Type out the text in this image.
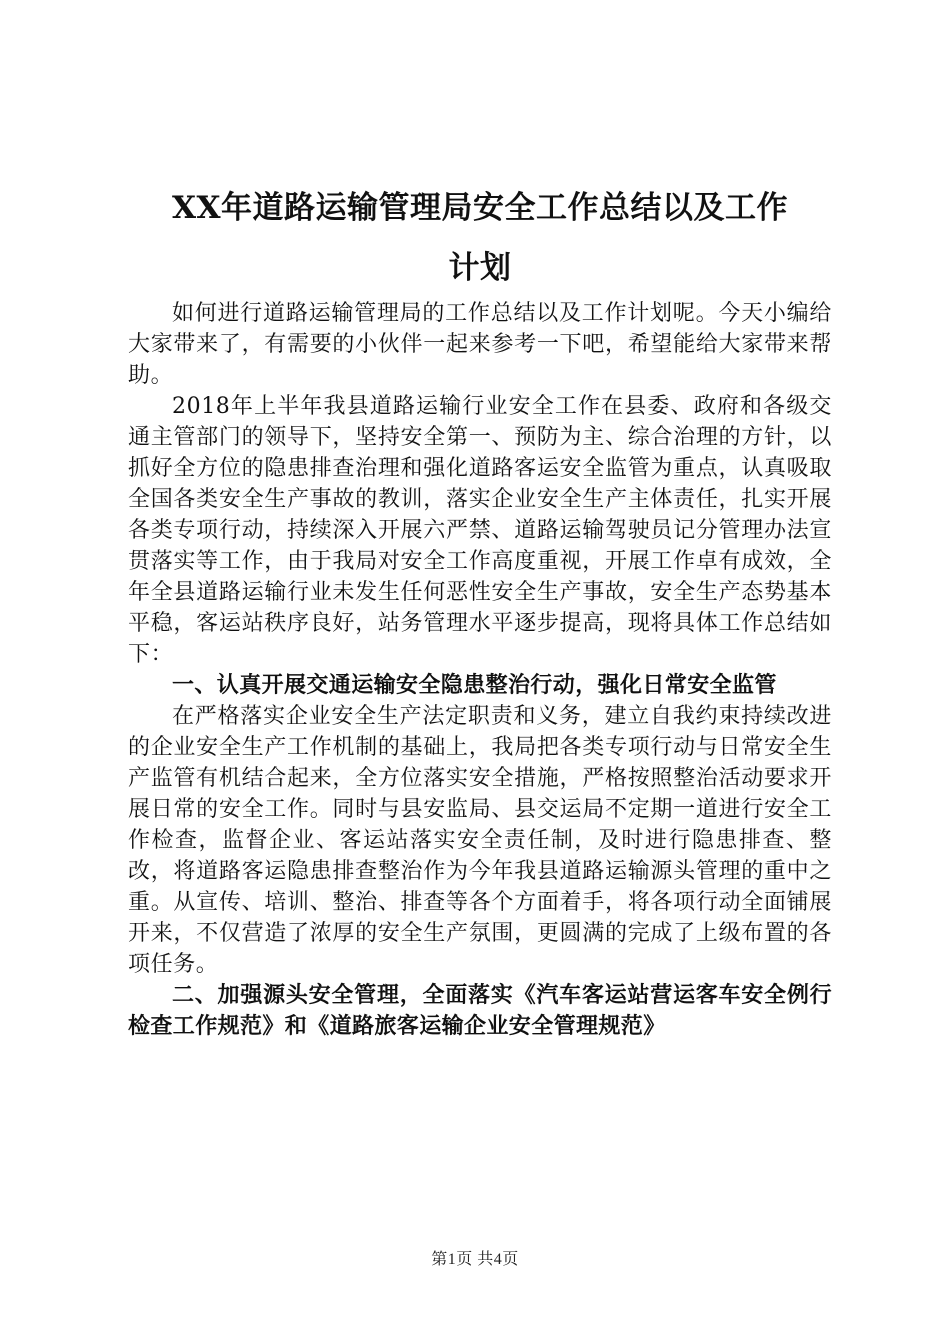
XX年道路运输管理局安全工作总结以及工作
计划

如何进行道路运输管理局的工作总结以及工作计划呢。今天小编给大家带来了，有需要的小伙伴一起来参考一下吧，希望能给大家带来帮助。

2018年上半年我县道路运输行业安全工作在县委、政府和各级交通主管部门的领导下，坚持安全第一、预防为主、综合治理的方针，以抓好全方位的隐患排查治理和强化道路客运安全监管为重点，认真吸取全国各类安全生产事故的教训，落实企业安全生产主体责任，扎实开展各类专项行动，持续深入开展六严禁、道路运输驾驶员记分管理办法宣贯落实等工作，由于我局对安全工作高度重视，开展工作卓有成效，全年全县道路运输行业未发生任何恶性安全生产事故，安全生产态势基本平稳，客运站秩序良好，站务管理水平逐步提高，现将具体工作总结如下：

一、认真开展交通运输安全隐患整治行动，强化日常安全监管

在严格落实企业安全生产法定职责和义务，建立自我约束持续改进的企业安全生产工作机制的基础上，我局把各类专项行动与日常安全生产监管有机结合起来，全方位落实安全措施，严格按照整治活动要求开展日常的安全工作。同时与县安监局、县交运局不定期一道进行安全工作检查，监督企业、客运站落实安全责任制，及时进行隐患排查、整改，将道路客运隐患排查整治作为今年我县道路运输源头管理的重中之重。从宣传、培训、整治、排查等各个方面着手，将各项行动全面铺展开来，不仅营造了浓厚的安全生产氛围，更圆满的完成了上级布置的各项任务。

二、加强源头安全管理，全面落实《汽车客运站营运客车安全例行检查工作规范》和《道路旅客运输企业安全管理规范》

第1页 共4页
